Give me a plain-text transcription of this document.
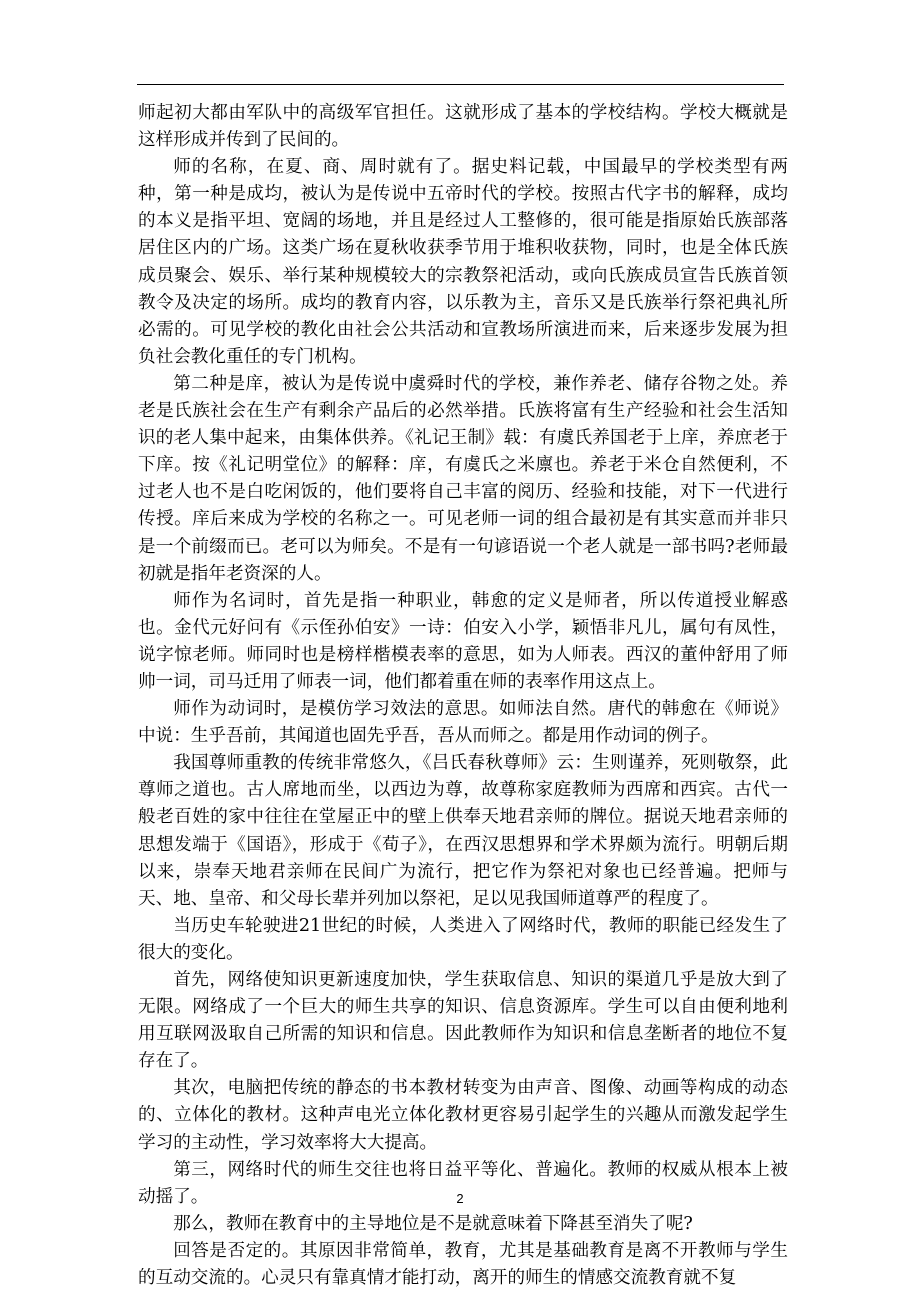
师起初大都由军队中的高级军官担任。这就形成了基本的学校结构。学校大概就是这样形成并传到了民间的。

师的名称，在夏、商、周时就有了。据史料记载，中国最早的学校类型有两种，第一种是成均，被认为是传说中五帝时代的学校。按照古代字书的解释，成均的本义是指平坦、宽阔的场地，并且是经过人工整修的，很可能是指原始氏族部落居住区内的广场。这类广场在夏秋收获季节用于堆积收获物，同时，也是全体氏族成员聚会、娱乐、举行某种规模较大的宗教祭祀活动，或向氏族成员宣告氏族首领教令及决定的场所。成均的教育内容，以乐教为主，音乐又是氏族举行祭祀典礼所必需的。可见学校的教化由社会公共活动和宣教场所演进而来，后来逐步发展为担负社会教化重任的专门机构。

第二种是庠，被认为是传说中虞舜时代的学校，兼作养老、储存谷物之处。养老是氏族社会在生产有剩余产品后的必然举措。氏族将富有生产经验和社会生活知识的老人集中起来，由集体供养。《礼记王制》载：有虞氏养国老于上庠，养庶老于下庠。按《礼记明堂位》的解释：庠，有虞氏之米廪也。养老于米仓自然便利，不过老人也不是白吃闲饭的，他们要将自己丰富的阅历、经验和技能，对下一代进行传授。庠后来成为学校的名称之一。可见老师一词的组合最初是有其实意而并非只是一个前缀而已。老可以为师矣。不是有一句谚语说一个老人就是一部书吗?老师最初就是指年老资深的人。

师作为名词时，首先是指一种职业，韩愈的定义是师者，所以传道授业解惑也。金代元好问有《示侄孙伯安》一诗：伯安入小学，颖悟非凡儿，属句有凤性，说字惊老师。师同时也是榜样楷模表率的意思，如为人师表。西汉的董仲舒用了师帅一词，司马迁用了师表一词，他们都着重在师的表率作用这点上。

师作为动词时，是模仿学习效法的意思。如师法自然。唐代的韩愈在《师说》中说：生乎吾前，其闻道也固先乎吾，吾从而师之。都是用作动词的例子。

我国尊师重教的传统非常悠久，《吕氏春秋尊师》云：生则谨养，死则敬祭，此尊师之道也。古人席地而坐，以西边为尊，故尊称家庭教师为西席和西宾。古代一般老百姓的家中往往在堂屋正中的壁上供奉天地君亲师的牌位。据说天地君亲师的思想发端于《国语》，形成于《荀子》，在西汉思想界和学术界颇为流行。明朝后期以来，崇奉天地君亲师在民间广为流行，把它作为祭祀对象也已经普遍。把师与天、地、皇帝、和父母长辈并列加以祭祀，足以见我国师道尊严的程度了。

当历史车轮驶进21世纪的时候，人类进入了网络时代，教师的职能已经发生了很大的变化。

首先，网络使知识更新速度加快，学生获取信息、知识的渠道几乎是放大到了无限。网络成了一个巨大的师生共享的知识、信息资源库。学生可以自由便利地利用互联网汲取自己所需的知识和信息。因此教师作为知识和信息垄断者的地位不复存在了。

其次，电脑把传统的静态的书本教材转变为由声音、图像、动画等构成的动态的、立体化的教材。这种声电光立体化教材更容易引起学生的兴趣从而激发起学生学习的主动性，学习效率将大大提高。

第三，网络时代的师生交往也将日益平等化、普遍化。教师的权威从根本上被动摇了。

那么，教师在教育中的主导地位是不是就意味着下降甚至消失了呢?

回答是否定的。其原因非常简单，教育，尤其是基础教育是离不开教师与学生的互动交流的。心灵只有靠真情才能打动，离开的师生的情感交流教育就不复

2
